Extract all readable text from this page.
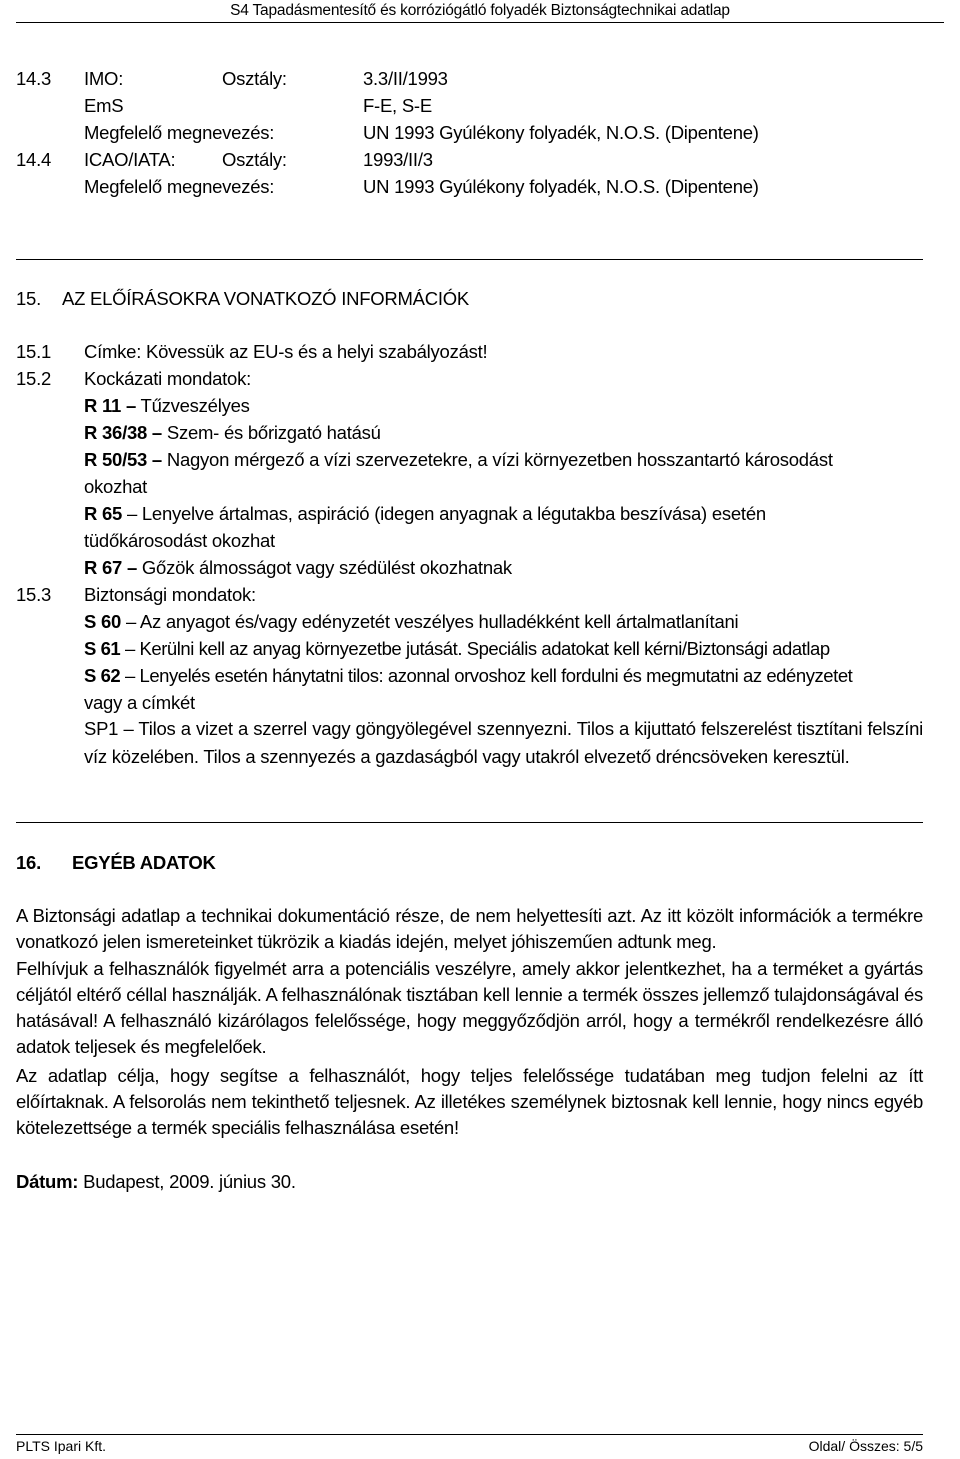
S4 Tapadásmentesítő és korróziógátló folyadék Biztonságtechnikai adatlap
14.3 IMO:	Osztály:	3.3/II/1993
EmS	F-E, S-E
Megfelelő megnevezés:	UN 1993 Gyúlékony folyadék, N.O.S. (Dipentene)
14.4 ICAO/IATA:	Osztály:	1993/II/3
Megfelelő megnevezés:	UN 1993 Gyúlékony folyadék, N.O.S. (Dipentene)
15. AZ ELŐÍRÁSOKRA VONATKOZÓ INFORMÁCIÓK
15.1 Címke: Kövessük az EU-s és a helyi szabályozást!
15.2 Kockázati mondatok:
R 11 – Tűzveszélyes
R 36/38 – Szem- és bőrizgató hatású
R 50/53 – Nagyon mérgező a vízi szervezetekre, a vízi környezetben hosszantartó károsodást
okozhat
R 65 – Lenyelve ártalmas, aspiráció (idegen anyagnak a légutakba beszívása) esetén
tüdőkárosodást okozhat
R 67 – Gőzök álmosságot vagy szédülést okozhatnak
15.3 Biztonsági mondatok:
S 60 – Az anyagot és/vagy edényzetét veszélyes hulladékként kell ártalmatlanítani
S 61 – Kerülni kell az anyag környezetbe jutását. Speciális adatokat kell kérni/Biztonsági adatlap
S 62 – Lenyelés esetén hánytatni tilos: azonnal orvoshoz kell fordulni és megmutatni az edényzetet
vagy a címkét
SP1 – Tilos a vizet a szerrel vagy göngyölegével szennyezni. Tilos a kijuttató felszerelést tisztítani felszíni víz közelében. Tilos a szennyezés a gazdaságból vagy utakról elvezető dréncsöveken keresztül.
16. EGYÉB ADATOK
A Biztonsági adatlap a technikai dokumentáció része, de nem helyettesíti azt. Az itt közölt információk a termékre vonatkozó jelen ismereteinket tükrözik a kiadás idején, melyet jóhiszeműen adtunk meg.
Felhívjuk a felhasználók figyelmét arra a potenciális veszélyre, amely akkor jelentkezhet, ha a terméket a gyártás céljától eltérő céllal használják. A felhasználónak tisztában kell lennie a termék összes jellemző tulajdonságával és hatásával! A felhasználó kizárólagos felelőssége, hogy meggyőződjön arról, hogy a termékről rendelkezésre álló adatok teljesek és megfelelőek.
Az adatlap célja, hogy segítse a felhasználót, hogy teljes felelőssége tudatában meg tudjon felelni az ítt előírtaknak. A felsorolás nem tekinthető teljesnek. Az illetékes személynek biztosnak kell lennie, hogy nincs egyéb kötelezettsége a termék speciális felhasználása esetén!
Dátum: Budapest, 2009. június 30.
PLTS Ipari Kft.	Oldal/ Összes: 5/5
